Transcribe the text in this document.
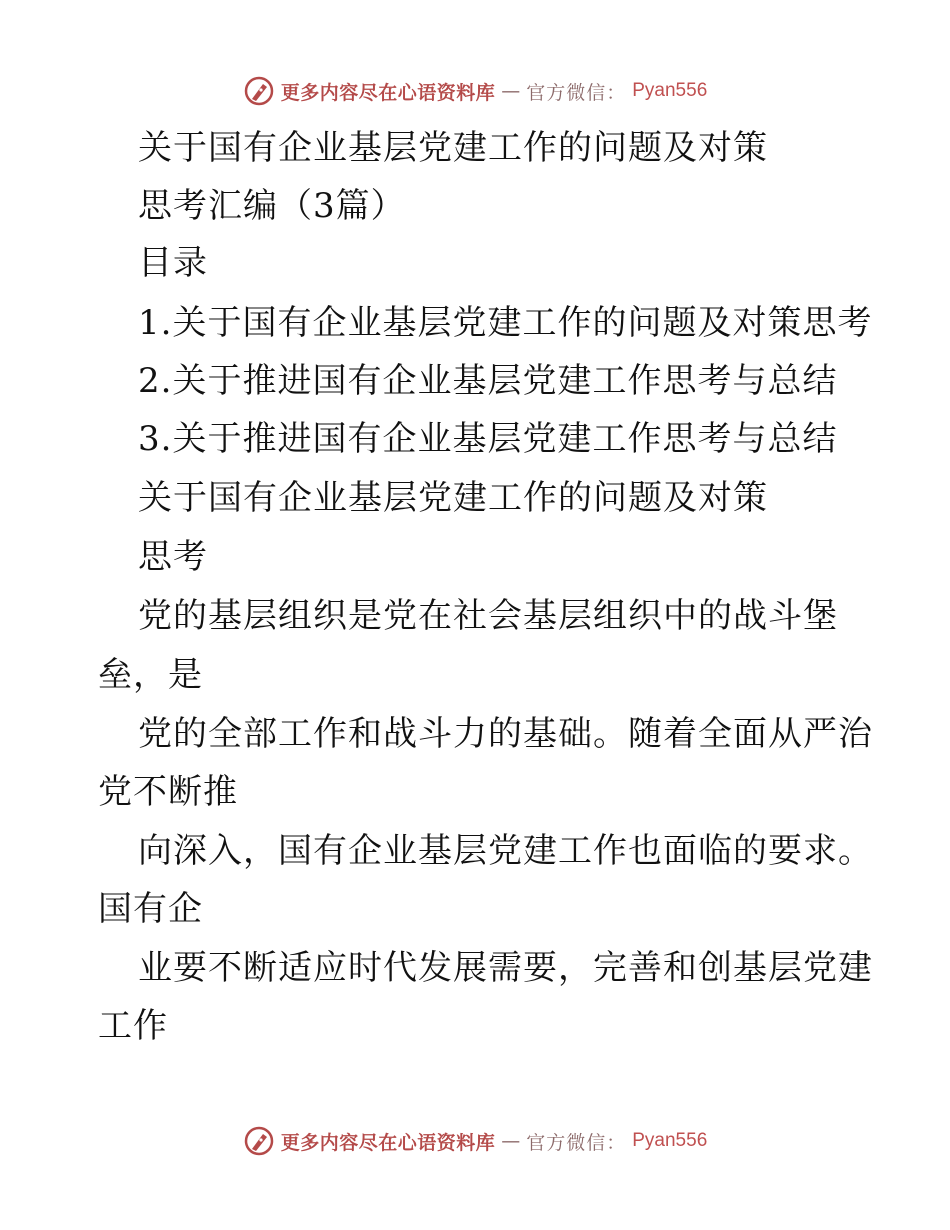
更多内容尽在心语资料库 — 官方微信： Pyan556
关于国有企业基层党建工作的问题及对策
思考汇编（3篇）
目录
1.关于国有企业基层党建工作的问题及对策思考
2.关于推进国有企业基层党建工作思考与总结
3.关于推进国有企业基层党建工作思考与总结
关于国有企业基层党建工作的问题及对策
思考
党的基层组织是党在社会基层组织中的战斗堡
垒，是
党的全部工作和战斗力的基础。随着全面从严治
党不断推
向深入，国有企业基层党建工作也面临的要求。
国有企
业要不断适应时代发展需要，完善和创基层党建
工作
更多内容尽在心语资料库 — 官方微信： Pyan556
